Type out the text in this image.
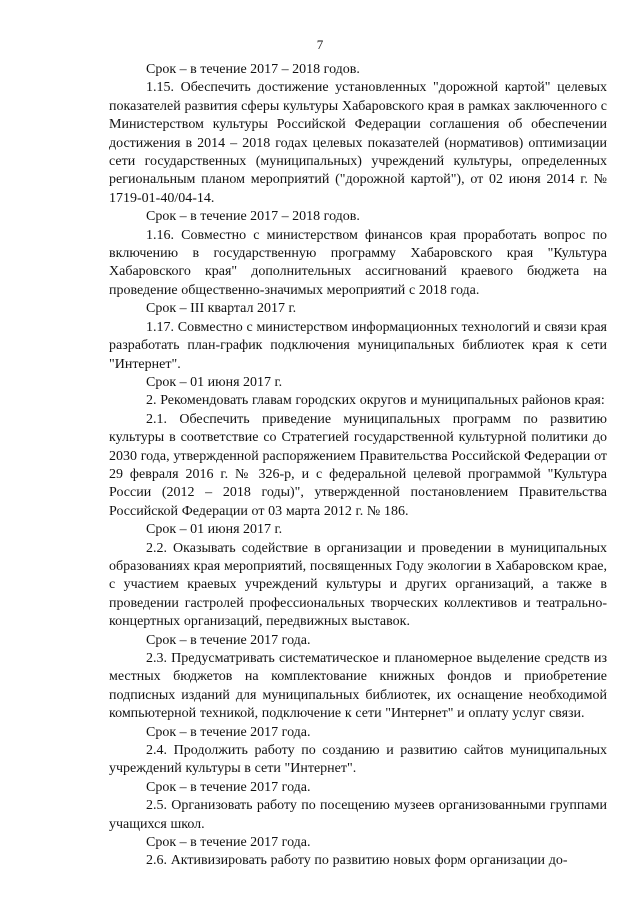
7

Срок – в течение 2017 – 2018 годов.

1.15. Обеспечить достижение установленных "дорожной картой" целевых показателей развития сферы культуры Хабаровского края в рамках заключенного с Министерством культуры Российской Федерации соглашения об обеспечении достижения в 2014 – 2018 годах целевых показателей (нормативов) оптимизации сети государственных (муниципальных) учреждений культуры, определенных региональным планом мероприятий ("дорожной картой"), от 02 июня 2014 г. № 1719-01-40/04-14.

Срок – в течение 2017 – 2018 годов.

1.16. Совместно с министерством финансов края проработать вопрос по включению в государственную программу Хабаровского края "Культура Хабаровского края" дополнительных ассигнований краевого бюджета на проведение общественно-значимых мероприятий с 2018 года.

Срок – III квартал 2017 г.

1.17. Совместно с министерством информационных технологий и связи края разработать план-график подключения муниципальных библиотек края к сети "Интернет".

Срок – 01 июня 2017 г.

2. Рекомендовать главам городских округов и муниципальных районов края:

2.1. Обеспечить приведение муниципальных программ по развитию культуры в соответствие со Стратегией государственной культурной политики до 2030 года, утвержденной распоряжением Правительства Российской Федерации от 29 февраля 2016 г. № 326-р, и с федеральной целевой программой "Культура России (2012 – 2018 годы)", утвержденной постановлением Правительства Российской Федерации от 03 марта 2012 г. № 186.

Срок – 01 июня 2017 г.

2.2. Оказывать содействие в организации и проведении в муниципальных образованиях края мероприятий, посвященных Году экологии в Хабаровском крае, с участием краевых учреждений культуры и других организаций, а также в проведении гастролей профессиональных творческих коллективов и театрально-концертных организаций, передвижных выставок.

Срок – в течение 2017 года.

2.3. Предусматривать систематическое и планомерное выделение средств из местных бюджетов на комплектование книжных фондов и приобретение подписных изданий для муниципальных библиотек, их оснащение необходимой компьютерной техникой, подключение к сети "Интернет" и оплату услуг связи.

Срок – в течение 2017 года.

2.4. Продолжить работу по созданию и развитию сайтов муниципальных учреждений культуры в сети "Интернет".

Срок – в течение 2017 года.

2.5. Организовать работу по посещению музеев организованными группами учащихся школ.

Срок – в течение 2017 года.

2.6. Активизировать работу по развитию новых форм организации до-
